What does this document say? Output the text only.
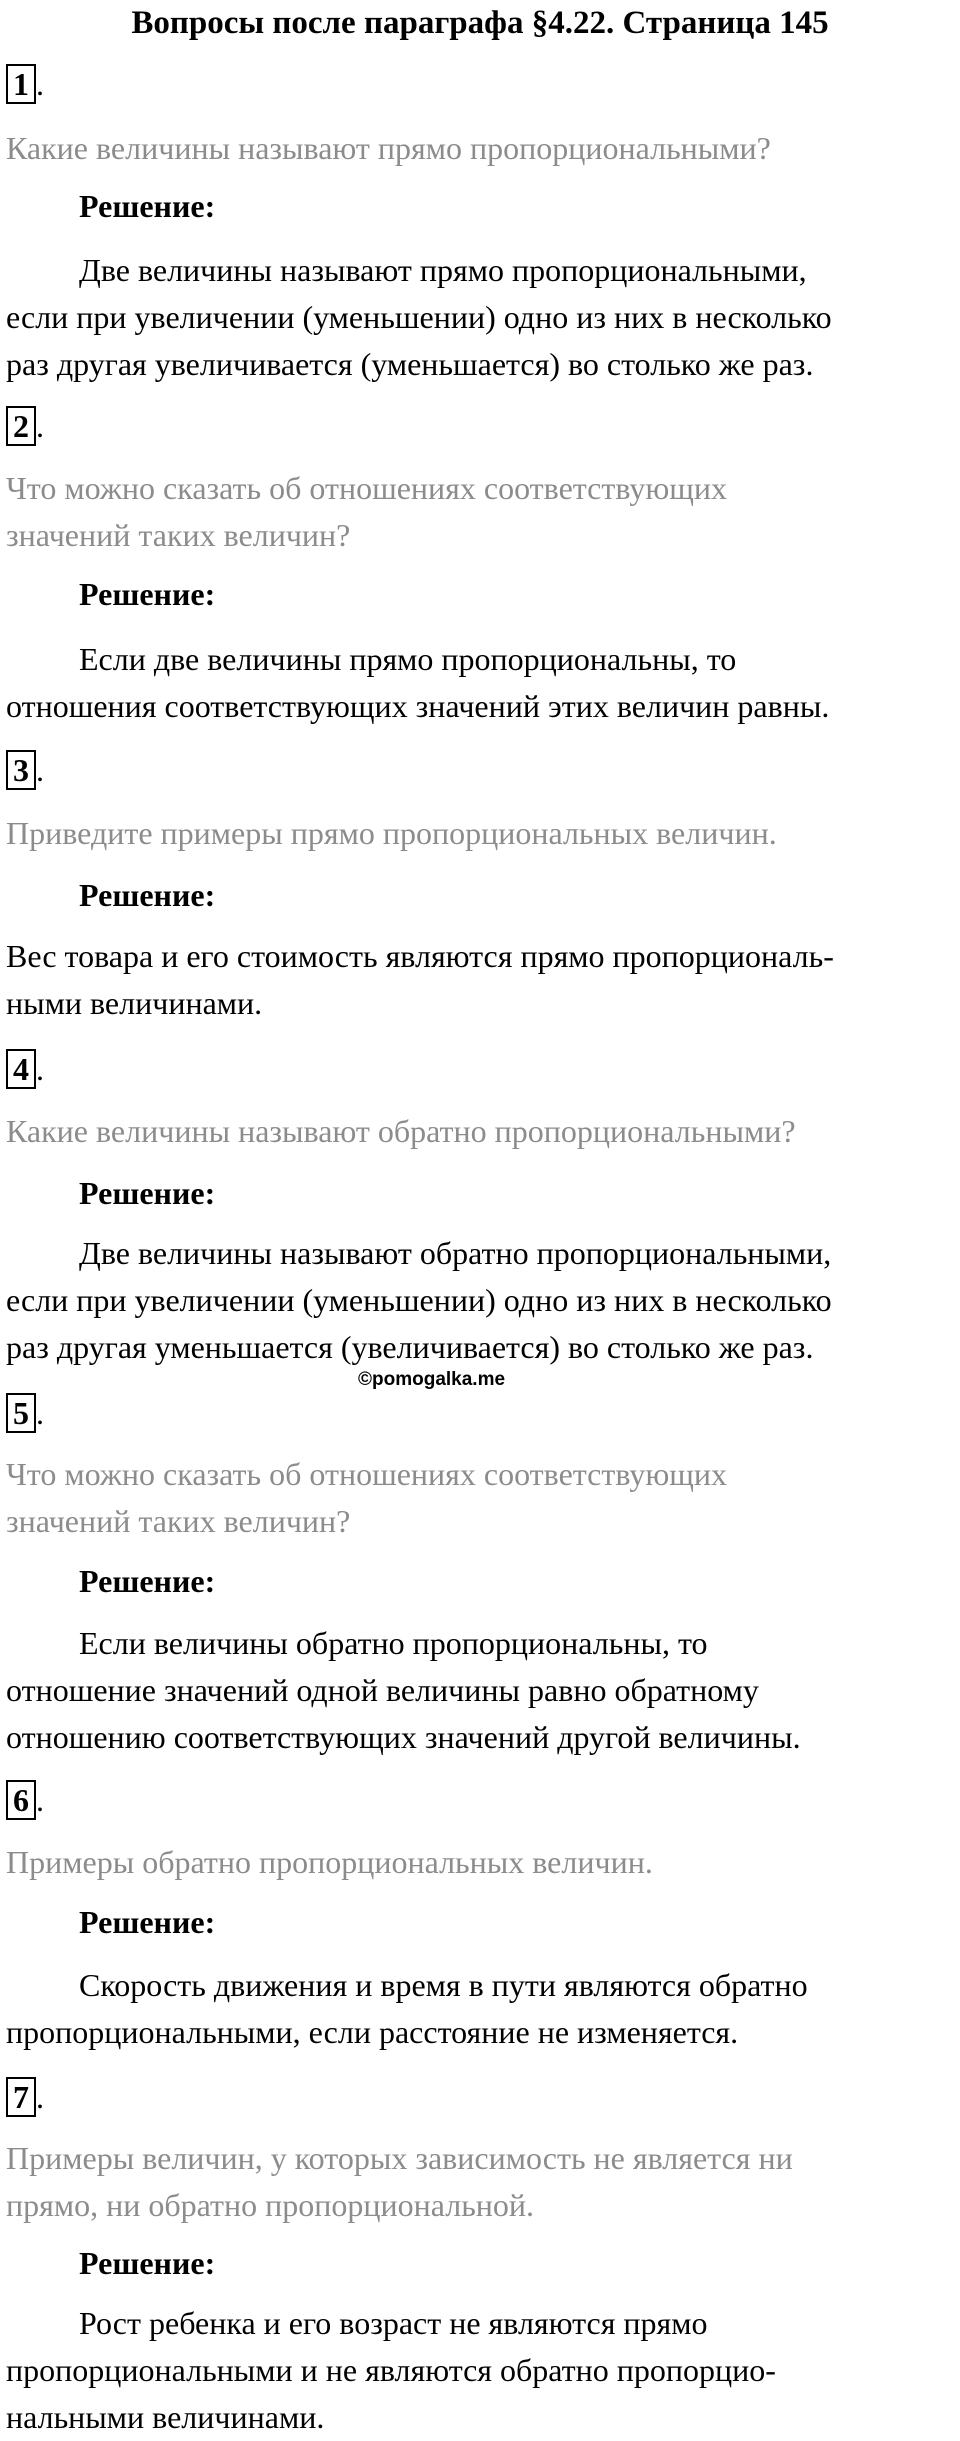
Вопросы после параграфа §4.22. Страница 145
1 .
Какие величины называют прямо пропорциональными?
Решение:
Две величины называют прямо пропорциональными,
если при увеличении (уменьшении) одно из них в несколько
раз другая увеличивается (уменьшается) во столько же раз.
2 .
Что можно сказать об отношениях соответствующих
значений таких величин?
Решение:
Если две величины прямо пропорциональны, то
отношения соответствующих значений этих величин равны.
3 .
Приведите примеры прямо пропорциональных величин.
Решение:
Вес товара и его стоимость являются прямо пропорциональ-
ными величинами.
4 .
Какие величины называют обратно пропорциональными?
Решение:
Две величины называют обратно пропорциональными,
если при увеличении (уменьшении) одно из них в несколько
раз другая уменьшается (увеличивается) во столько же раз.
©pomogalka.me
5 .
Что можно сказать об отношениях соответствующих
значений таких величин?
Решение:
Если величины обратно пропорциональны, то
отношение значений одной величины равно обратному
отношению соответствующих значений другой величины.
6 .
Примеры обратно пропорциональных величин.
Решение:
Скорость движения и время в пути являются обратно
пропорциональными, если расстояние не изменяется.
7 .
Примеры величин, у которых зависимость не является ни
прямо, ни обратно пропорциональной.
Решение:
Рост ребенка и его возраст не являются прямо
пропорциональными и не являются обратно пропорцио-
нальными величинами.
